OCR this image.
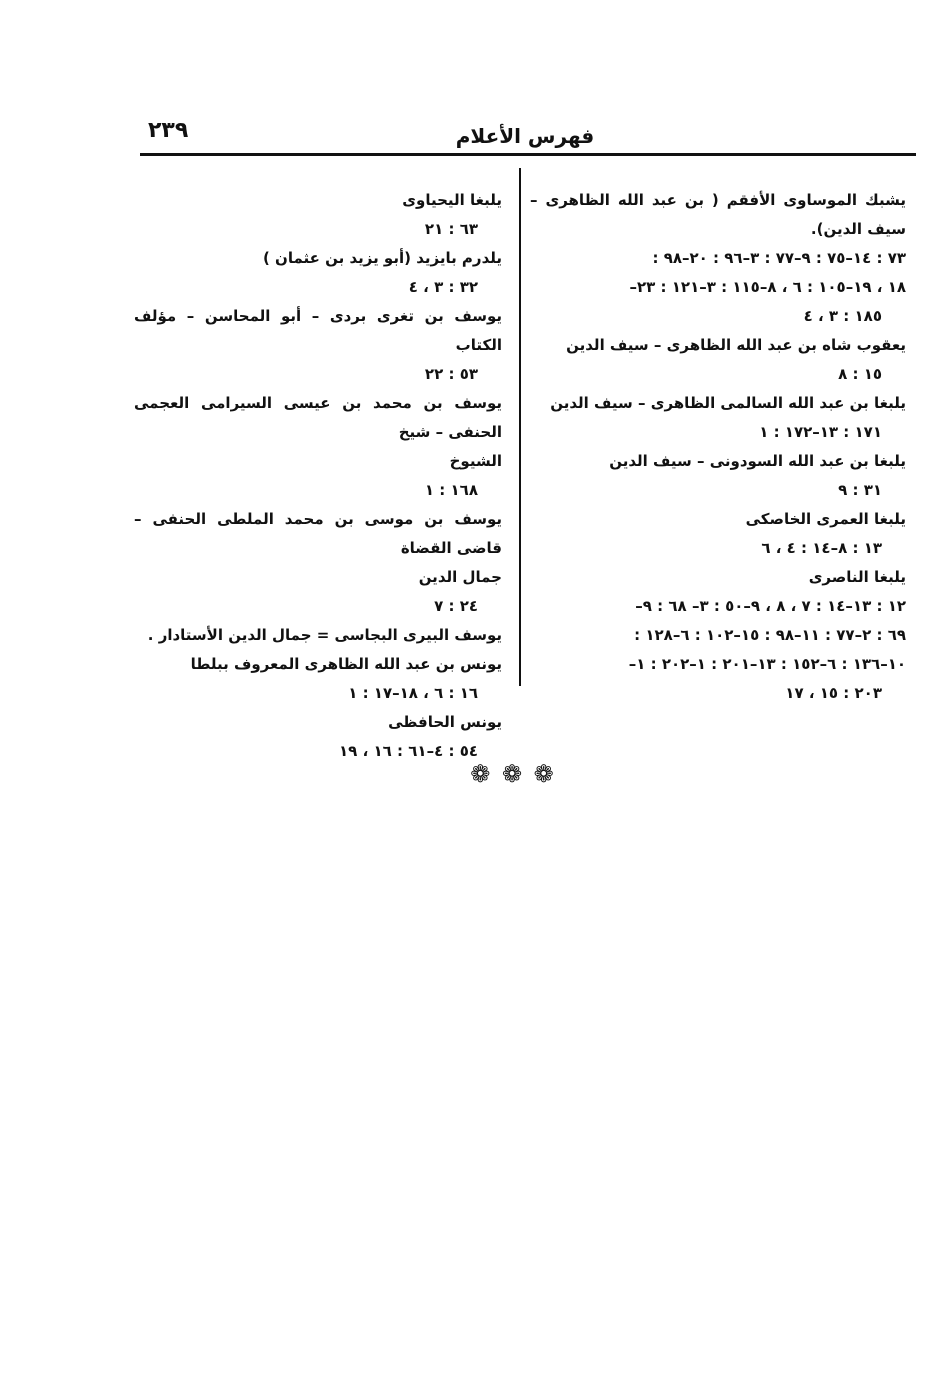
٢٣٩	فهرس الأعلام

يشبك الموساوى الأفقم ( بن عبد الله الظاهرى – سيف الدين).

٧٣ : ١٤–٧٥ : ٩–٧٧ : ٣–٩٦ : ٢٠–٩٨ :

١٨ ، ١٩–١٠٥ : ٦ ، ٨–١١٥ : ٣–١٢١ : ٢٣–

١٨٥ : ٣ ، ٤

يعقوب شاه بن عبد الله الظاهرى – سيف الدين

١٥ : ٨

يلبغا بن عبد الله السالمى الظاهرى – سيف الدين

١٧١ : ١٣–١٧٢ : ١

يلبغا بن عبد الله السودونى – سيف الدين

٣١ : ٩

يلبغا العمرى الخاصكى

١٣ : ٨–١٤ : ٤ ، ٦

يلبغا الناصرى

١٢ : ١٣–١٤ : ٧ ، ٨ ، ٩–٥٠ : ٣– ٦٨ : ٩–

٦٩ : ٢–٧٧ : ١١–٩٨ : ١٥–١٠٢ : ٦–١٢٨ :

١٠–١٣٦ : ٦–١٥٢ : ١٣–٢٠١ : ١–٢٠٢ : ١–

٢٠٣ : ١٥ ، ١٧

يلبغا اليحياوى

٦٣ : ٢١

يلدرم بايزيد (أبو يزيد بن عثمان )

٣٢ : ٣ ، ٤

يوسف بن تغرى بردى – أبو المحاسن – مؤلف الكتاب

٥٣ : ٢٢

يوسف بن محمد بن عيسى السيرامى العجمى الحنفى – شيخ

الشيوخ

١٦٨ : ١

يوسف بن موسى بن محمد الملطى الحنفى – قاضى القضاة

جمال الدين

٢٤ : ٧

يوسف البيرى البجاسى = جمال الدين الأستادار .

يونس بن عبد الله الظاهرى المعروف ببلطا

١٦ : ٦ ، ١٨–١٧ : ١

يونس الحافظى

٥٤ : ٤–٦١ : ١٦ ، ١٩

❁ ❁ ❁
